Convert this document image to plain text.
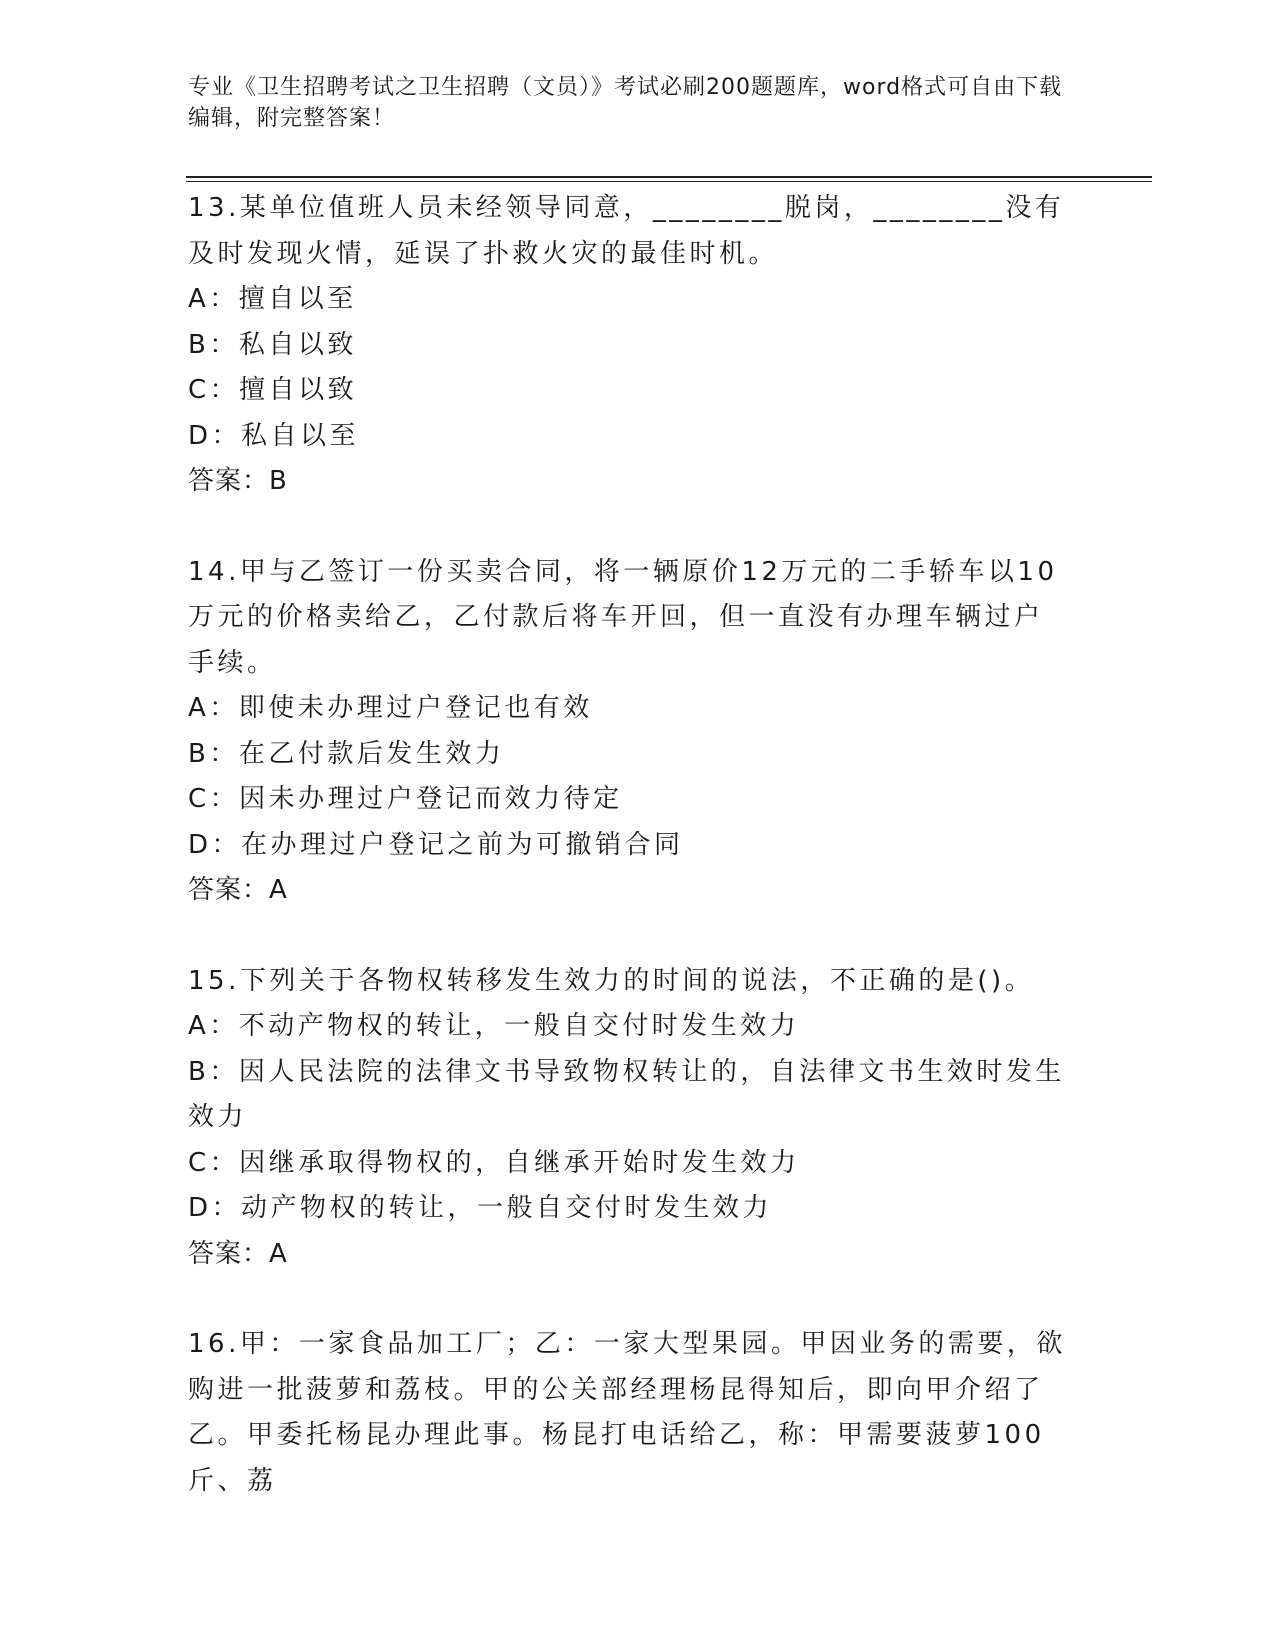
专业《卫生招聘考试之卫生招聘（文员）》考试必刷200题题库，word格式可自由下载编辑，附完整答案！
13.某单位值班人员未经领导同意，________脱岗，________没有及时发现火情，延误了扑救火灾的最佳时机。
A：擅自以至
B：私自以致
C：擅自以致
D：私自以至
答案：B
14.甲与乙签订一份买卖合同，将一辆原价12万元的二手轿车以10万元的价格卖给乙，乙付款后将车开回，但一直没有办理车辆过户手续。
A：即使未办理过户登记也有效
B：在乙付款后发生效力
C：因未办理过户登记而效力待定
D：在办理过户登记之前为可撤销合同
答案：A
15.下列关于各物权转移发生效力的时间的说法，不正确的是()。
A：不动产物权的转让，一般自交付时发生效力
B：因人民法院的法律文书导致物权转让的，自法律文书生效时发生效力
C：因继承取得物权的，自继承开始时发生效力
D：动产物权的转让，一般自交付时发生效力
答案：A
16.甲：一家食品加工厂；乙：一家大型果园。甲因业务的需要，欲购进一批菠萝和荔枝。甲的公关部经理杨昆得知后，即向甲介绍了乙。甲委托杨昆办理此事。杨昆打电话给乙，称：甲需要菠萝100斤、荔
